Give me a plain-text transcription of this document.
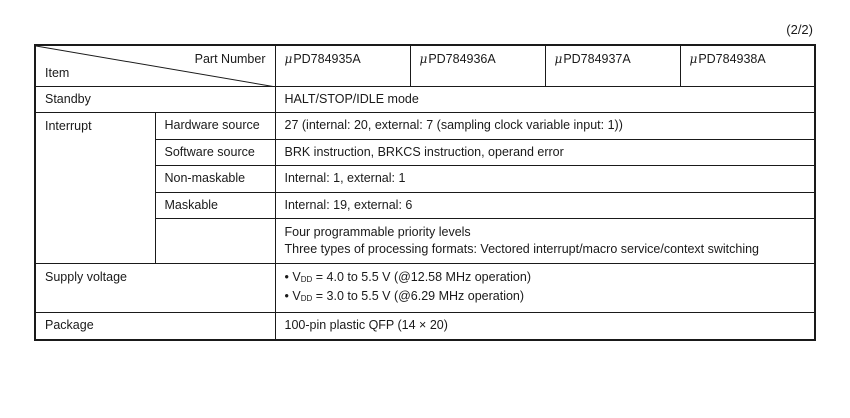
(2/2)
Part Number
Item		μPD784935A	μPD784936A	μPD784937A	μPD784938A
Standby		HALT/STOP/IDLE mode			
Interrupt	Hardware source	27 (internal: 20, external: 7 (sampling clock variable input: 1))			
	Software source	BRK instruction, BRKCS instruction, operand error			
	Non-maskable	Internal: 1, external: 1			
	Maskable	Internal: 19, external: 6			

		Four programmable priority levels
Three types of processing formats: Vectored interrupt/macro service/context switching			

Supply voltage		• VDD = 4.0 to 5.5 V (@12.58 MHz operation)
• VDD = 3.0 to 5.5 V (@6.29 MHz operation)			

Package		100-pin plastic QFP (14 × 20)			
